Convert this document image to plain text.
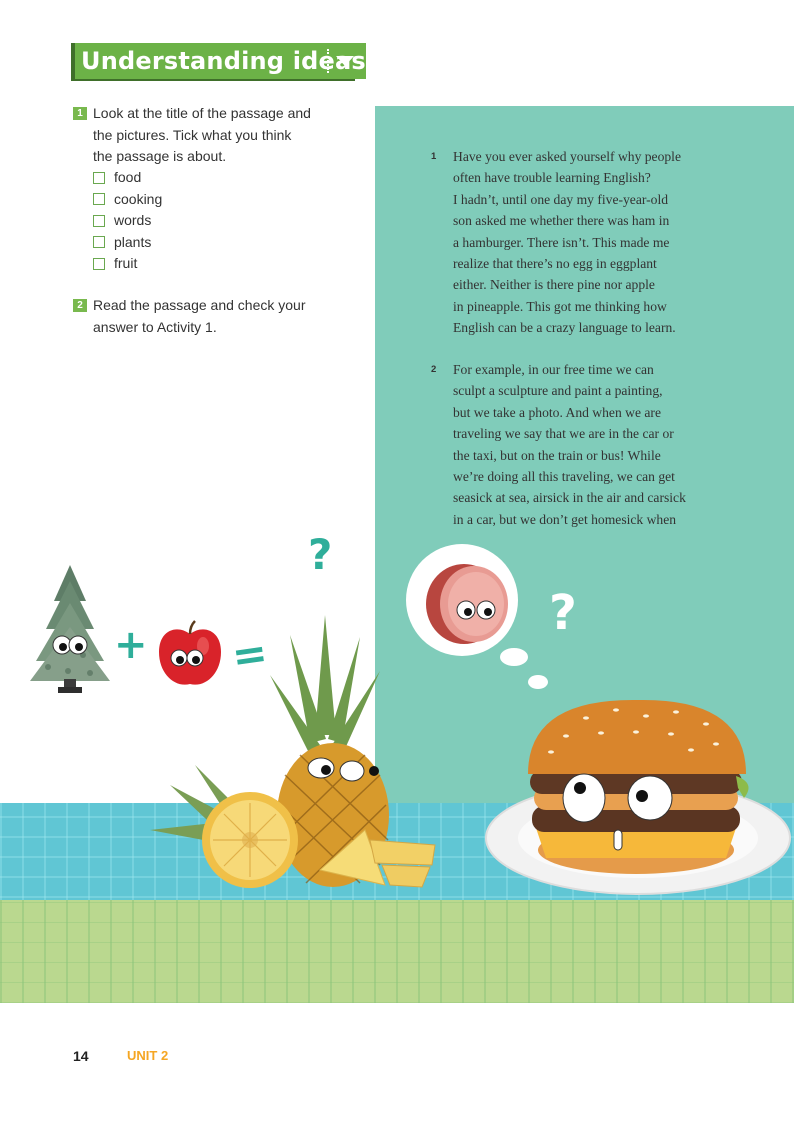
Understanding ideas
1 Look at the title of the passage and
the pictures. Tick what you think
the passage is about.
food
cooking
words
plants
fruit
2 Read the passage and check your
answer to Activity 1.
1 Have you ever asked yourself why people
often have trouble learning English?
I hadn’t, until one day my five-year-old
son asked me whether there was ham in
a hamburger. There isn’t. This made me
realize that there’s no egg in eggplant
either. Neither is there pine nor apple
in pineapple. This got me thinking how
English can be a crazy language to learn.
2 For example, in our free time we can
sculpt a sculpture and paint a painting,
but we take a photo. And when we are
traveling we say that we are in the car or
the taxi, but on the train or bus! While
we’re doing all this traveling, we can get
seasick at sea, airsick in the air and carsick
in a car, but we don’t get homesick when
+ =
?
?
14	UNIT 2
